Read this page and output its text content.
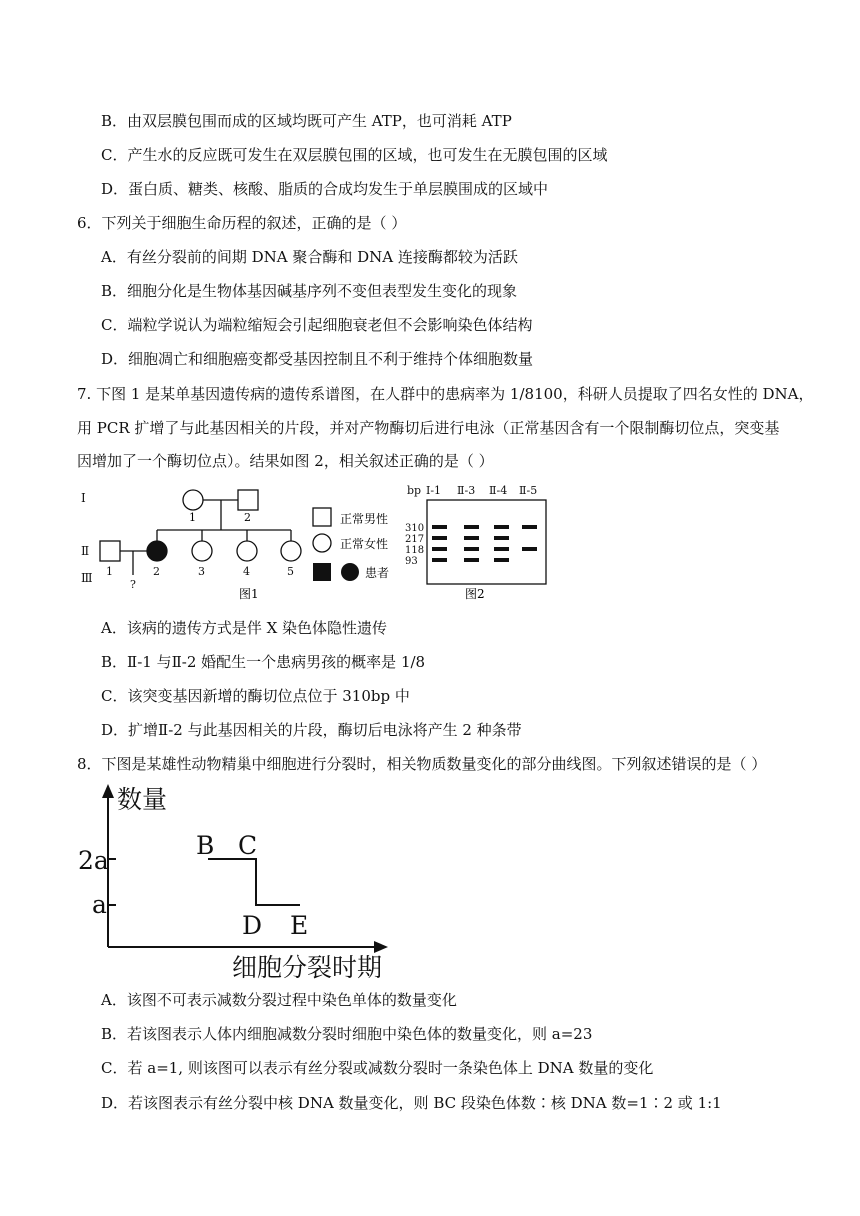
B．由双层膜包围而成的区域均既可产生 ATP，也可消耗 ATP
C．产生水的反应既可发生在双层膜包围的区域，也可发生在无膜包围的区域
D．蛋白质、糖类、核酸、脂质的合成均发生于单层膜围成的区域中
6．下列关于细胞生命历程的叙述，正确的是（ ）
A．有丝分裂前的间期 DNA 聚合酶和 DNA 连接酶都较为活跃
B．细胞分化是生物体基因碱基序列不变但表型发生变化的现象
C．端粒学说认为端粒缩短会引起细胞衰老但不会影响染色体结构
D．细胞凋亡和细胞癌变都受基因控制且不利于维持个体细胞数量
7. 下图 1 是某单基因遗传病的遗传系谱图，在人群中的患病率为 1/8100，科研人员提取了四名女性的 DNA，
用 PCR 扩增了与此基因相关的片段，并对产物酶切后进行电泳（正常基因含有一个限制酶切位点，突变基
因增加了一个酶切位点）。结果如图 2，相关叙述正确的是（ ）
Ⅰ
Ⅱ
Ⅲ
1	2
1	2	3	4	5
?
图1
正常男性
正常女性
患者
bp Ⅰ-1 Ⅱ-3 Ⅱ-4 Ⅱ-5
310
217
118
93
图2
A．该病的遗传方式是伴 X 染色体隐性遗传
B．Ⅱ-1 与Ⅱ-2 婚配生一个患病男孩的概率是 1/8
C．该突变基因新增的酶切位点位于 310bp 中
D．扩增Ⅱ-2 与此基因相关的片段，酶切后电泳将产生 2 种条带
8．下图是某雄性动物精巢中细胞进行分裂时，相关物质数量变化的部分曲线图。下列叙述错误的是（ ）
数量
细胞分裂时期
2a
a
B C
D E
A．该图不可表示减数分裂过程中染色单体的数量变化
B．若该图表示人体内细胞减数分裂时细胞中染色体的数量变化，则 a=23
C．若 a=1, 则该图可以表示有丝分裂或减数分裂时一条染色体上 DNA 数量的变化
D．若该图表示有丝分裂中核 DNA 数量变化，则 BC 段染色体数∶核 DNA 数=1∶2 或 1:1
